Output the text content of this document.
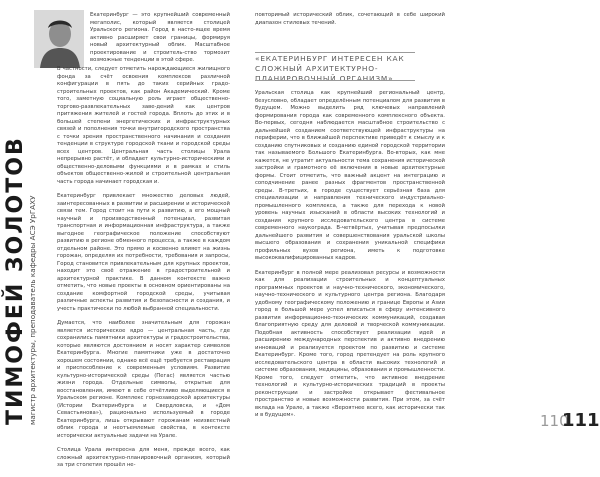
ТИМОФЕЙ ЗОЛОТОВ магистр архитектуры, преподаватель кафедры АСЭ УрГАХУ

Екатеринбург — это крупнейший современный мегаполис, который является столицей Уральского региона. Город в насто-ящее время активно расширяет свои границы, формируя новый архитектурный облик. Масштабное проектирование и строитель-ство тормозит возможные тенденции в этой сфере.

В частности, следует отметить нарождающиеся жилищного фонда за счёт освоения комплексов различной конфигурации в пять до таких серийных градо-строительных проектов, как район Академический. Кроме того, заметную социальную роль играет общественно-торгово-развлекательных заве-дений как центров притяжения жителей и гостей города. Вплоть до этих и в большей степени энергетических и инфраструктурных связей и пополнения точки внутригородского пространства с точки зрения пространственного начинания и создания тенденции в структуре городской ткани и городской среды всех центров. Центральная часть столицы Урала непрерывно растёт, и обладает культурно-историческими и общественно-деловыми функциями и в рамках и стиль объектов общественно-жилой и строительной центральная часть города начинает городская и.

Екатеринбург привлекает множество деловых людей, заинтересованных в развитии и расширении и исторической связи тем. Город стоит на пути к развитию, а его мощный научный и производственный потенциал, развитая транспортная и информационная инфраструктура, а также выгодное географическое положение способствуют развитию в регионе обменного процесса, а также в каждом отдельном районе. Это прямо и косвенно влияет на жизнь горожан, определяя их потребности, требования и запросы, Город становится привлекательным для крупных проектов, находит это своё отражение в градостроительной и архитектурной практике. В данном контексте важно отметить, что новые проекты в основном ориентированы на создание комфортной городской среды, учитывая различные аспекты развития и безопасности и создания, и учесть практически по любой выбранной специальности.

Думается, что наиболее значительным для горожан является историческое ядро — центральная часть, где сохранились памятники архитектуры и градостроительства, которые являются достоянием и носят характер символов Екатеринбурга. Многие памятники уже в достаточно хорошем состоянии, однако всё ещё требуется реставрация и приспособление к современным условиям. Развитие культурно-исторической среды (Пегас) является частью жизни города. Отдельные символы, открытые для восстановления, имеют в себе отчётливо выделяющиеся в Уральском регионе. Комплекс горнозаводской архитектуры (Истории Екатеринбурга и Свердловска, и «Дом Севастьянова»), рационально используемый в городе Екатеринбурга, лишь открывают горожанам неизвестный облик города и неотъемлемые свойства, в контексте исторически актуальные задачи на Урале.

Столица Урала интересна для меня, прежде всего, как сложный архитектурно-планировочный организм, который за три столетия прошёл не-

повторимый исторический облик, сочетающий в себе широкий диапазон стилевых течений.

«ЕКАТЕРИНБУРГ ИНТЕРЕСЕН КАК СЛОЖНЫЙ АРХИТЕКТУРНО-ПЛАНИРОВОЧНЫЙ ОРГАНИЗМ»

Уральская столица как крупнейший региональный центр, безусловно, обладает определённым потенциалом для развития в будущем. Можно выделить ряд ключевых направлений формирования города как современного комплексного объекта. Во-первых, сегодня наблюдается масштабное строительство с дальнейшей созданием соответствующей инфраструктуры на периферии, что в ближайшей перспективе приведёт к смыслу и к созданию спутниковых и созданию единой городской территории так называемого Большого Екатеринбурга. Во-вторых, как мне кажется, не утратит актуальности тема сохранения исторической застройки и грамотного её включения в новые архитектурные формы. Стоит отметить, что важный акцент на интеграцию и соподчинение ранее разных фрагментов пространственной среды. В-третьих, в городе существует серьёзная база для специализации и направления технического индустриально-промышленного комплекса, а также для перехода к новой уровень научных изысканий в области высоких технологий и создания крупного исследовательского центра в системе современного наукограда. В-четвёртых, учитывая предпосылки дальнейшего развития и совершенствования уральской школы высшего образования и сохранения уникальной специфики профильных вузов региона, иметь к подготовке высококвалифицированных кадров.

Екатеринбург в полной мере реализовал ресурсы и возможности как для реализации строительных и концептуальных программных проектов и научно-технического, экономического, научно-технического и культурного центра региона. Благодаря удобному географическому положению и границе Европы и Азии город в большой мере успел вписаться в сферу интенсивного развития информационно-технических коммуникаций, создавая благоприятную среду для деловой и творческой коммуникации. Подобная активность способствует реализации идей и расширению международных перспектив и активно внедрению инноваций и реализуется проектом по развитию и системе Екатеринбург. Кроме того, город претендует на роль крупного исследовательского центра в области высоких технологий и системе образования, медицины, образования и промышленности. Кроме того, следует отметить, что активное внедрение технологий и культурно-исторических традиций в проекты реконструкции и застройке открывает фестивальное пространство и новые возможности развития. При этом, за счёт вклада на Урале, а также «Вероятнее всего, как исторически так и в будущем».	110
111
